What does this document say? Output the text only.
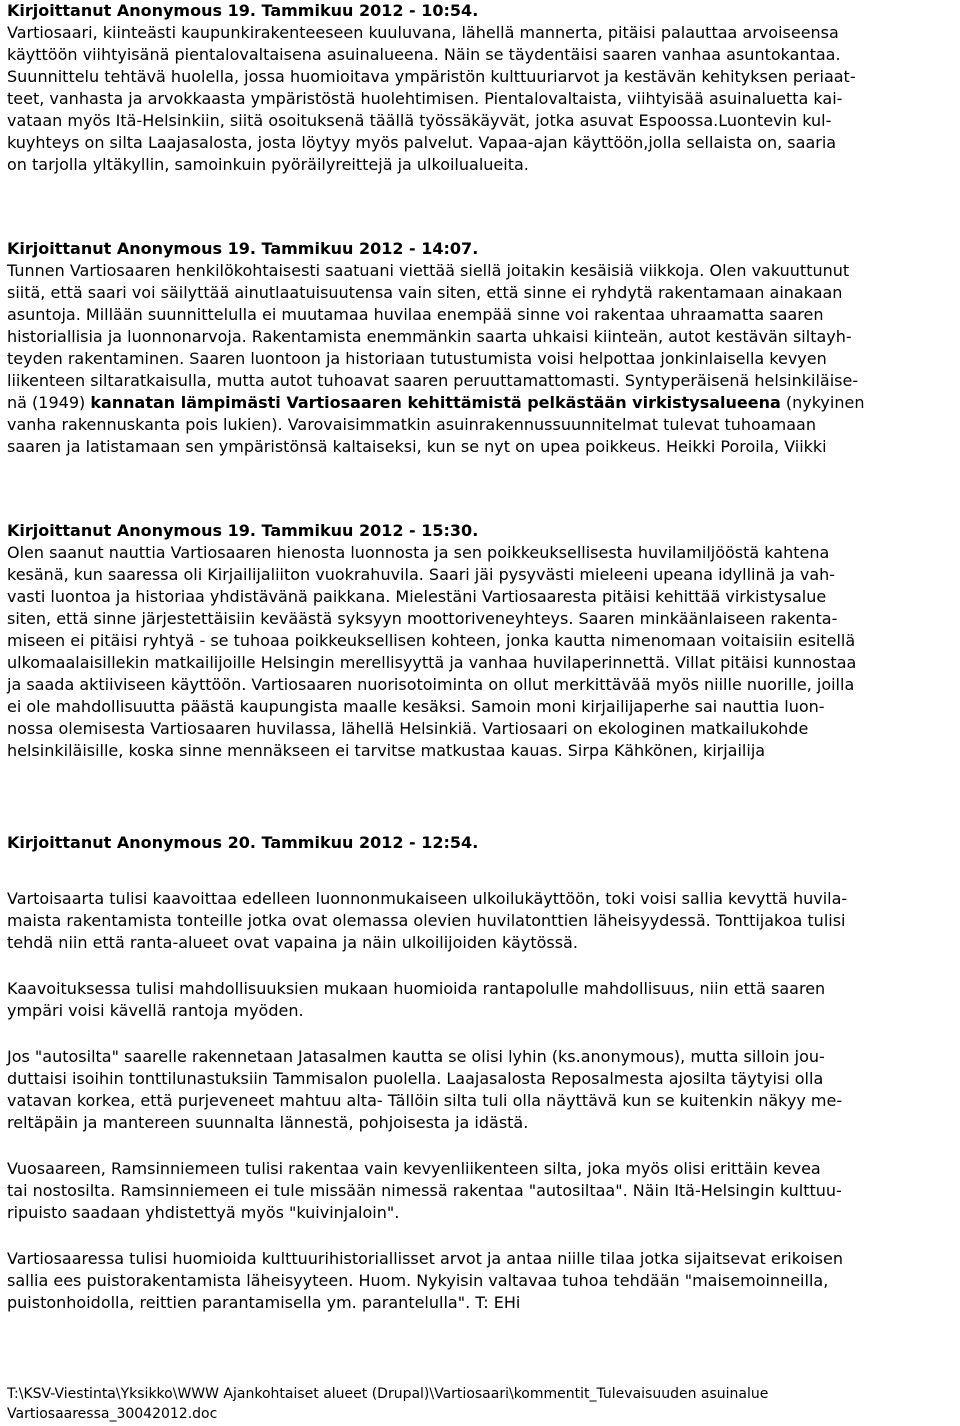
Kirjoittanut Anonymous 19. Tammikuu 2012 - 10:54.
Vartiosaari, kiinteästi kaupunkirakenteeseen kuuluvana, lähellä mannerta, pitäisi palauttaa arvoiseensa
käyttöön viihtyisänä pientalovaltaisena asuinalueena. Näin se täydentäisi saaren vanhaa asuntokantaa.
Suunnittelu tehtävä huolella, jossa huomioitava ympäristön kulttuuriarvot ja kestävän kehityksen periaat-
teet, vanhasta ja arvokkaasta ympäristöstä huolehtimisen. Pientalovaltaista, viihtyisää asuinaluetta kai-
vataan myös Itä-Helsinkiin, siitä osoituksenä täällä työssäkäyvät, jotka asuvat Espoossa.Luontevin kul-
kuyhteys on silta Laajasalosta, josta löytyy myös palvelut. Vapaa-ajan käyttöön,jolla sellaista on, saaria
on tarjolla yltäkyllin, samoinkuin pyöräilyreittejä ja ulkoilualueita.
Kirjoittanut Anonymous 19. Tammikuu 2012 - 14:07.
Tunnen Vartiosaaren henkilökohtaisesti saatuani viettää siellä joitakin kesäisiä viikkoja. Olen vakuuttunut
siitä, että saari voi säilyttää ainutlaatuisuutensa vain siten, että sinne ei ryhdytä rakentamaan ainakaan
asuntoja. Millään suunnittelulla ei muutamaa huvilaa enempää sinne voi rakentaa uhraamatta saaren
historiallisia ja luonnonarvoja. Rakentamista enemmänkin saarta uhkaisi kiinteän, autot kestävän siltayh-
teyden rakentaminen. Saaren luontoon ja historiaan tutustumista voisi helpottaa jonkinlaisella kevyen
liikenteen siltaratkaisulla, mutta autot tuhoavat saaren peruuttamattomasti. Syntyperäisenä helsinkiläise-
nä (1949) kannatan lämpimästi Vartiosaaren kehittämistä pelkästään virkistysalueena (nykyinen
vanha rakennuskanta pois lukien). Varovaisimmatkin asuinrakennussuunnitelmat tulevat tuhoamaan
saaren ja latistamaan sen ympäristönsä kaltaiseksi, kun se nyt on upea poikkeus. Heikki Poroila, Viikki
Kirjoittanut Anonymous 19. Tammikuu 2012 - 15:30.
Olen saanut nauttia Vartiosaaren hienosta luonnosta ja sen poikkeuksellisesta huvilamiljööstä kahtena
kesänä, kun saaressa oli Kirjailijaliiton vuokrahuvila. Saari jäi pysyvästi mieleeni upeana idyllinä ja vah-
vasti luontoa ja historiaa yhdistävänä paikkana. Mielestäni Vartiosaaresta pitäisi kehittää virkistysalue
siten, että sinne järjestettäisiin keväästä syksyyn moottoriveneyhteys. Saaren minkäänlaiseen rakenta-
miseen ei pitäisi ryhtyä - se tuhoaa poikkeuksellisen kohteen, jonka kautta nimenomaan voitaisiin esitellä
ulkomaalaisillekin matkailijoille Helsingin merellisyyttä ja vanhaa huvilaperinnettä. Villat pitäisi kunnostaa
ja saada aktiiviseen käyttöön. Vartiosaaren nuorisotoiminta on ollut merkittävää myös niille nuorille, joilla
ei ole mahdollisuutta päästä kaupungista maalle kesäksi. Samoin moni kirjailijaperhe sai nauttia luon-
nossa olemisesta Vartiosaaren huvilassa, lähellä Helsinkiä. Vartiosaari on ekologinen matkailukohde
helsinkiläisille, koska sinne mennäkseen ei tarvitse matkustaa kauas. Sirpa Kähkönen, kirjailija
Kirjoittanut Anonymous 20. Tammikuu 2012 - 12:54.
Vartoisaarta tulisi kaavoittaa edelleen luonnonmukaiseen ulkoilukäyttöön, toki voisi sallia kevyttä huvila-
maista rakentamista tonteille jotka ovat olemassa olevien huvilatonttien läheisyydessä. Tonttijakoa tulisi
tehdä niin että ranta-alueet ovat vapaina ja näin ulkoilijoiden käytössä.
Kaavoituksessa tulisi mahdollisuuksien mukaan huomioida rantapolulle mahdollisuus, niin että saaren
ympäri voisi kävellä rantoja myöden.
Jos "autosilta" saarelle rakennetaan Jatasalmen kautta se olisi lyhin (ks.anonymous), mutta silloin jou-
duttaisi isoihin tonttilunastuksiin Tammisalon puolella. Laajasalosta Reposalmesta ajosilta täytyisi olla
vatavan korkea, että purjeveneet mahtuu alta- Tällöin silta tuli olla näyttävä kun se kuitenkin näkyy me-
reltäpäin ja mantereen suunnalta lännestä, pohjoisesta ja idästä.
Vuosaareen, Ramsinniemeen tulisi rakentaa vain kevyenliikenteen silta, joka myös olisi erittäin kevea
tai nostosilta. Ramsinniemeen ei tule missään nimessä rakentaa "autosiltaa". Näin Itä-Helsingin kulttuu-
ripuisto saadaan yhdistettyä myös "kuivinjaloin".
Vartiosaaressa tulisi huomioida kulttuurihistoriallisset arvot ja antaa niille tilaa jotka sijaitsevat erikoisen
sallia ees puistorakentamista läheisyyteen. Huom. Nykyisin valtavaa tuhoa tehdään "maisemoinneilla,
puistonhoidolla, reittien parantamisella ym. parantelulla". T: EHi
T:\KSV-Viestinta\Yksikko\WWW Ajankohtaiset alueet (Drupal)\Vartiosaari\kommentit_Tulevaisuuden asuinalue
Vartiosaaressa_30042012.doc
